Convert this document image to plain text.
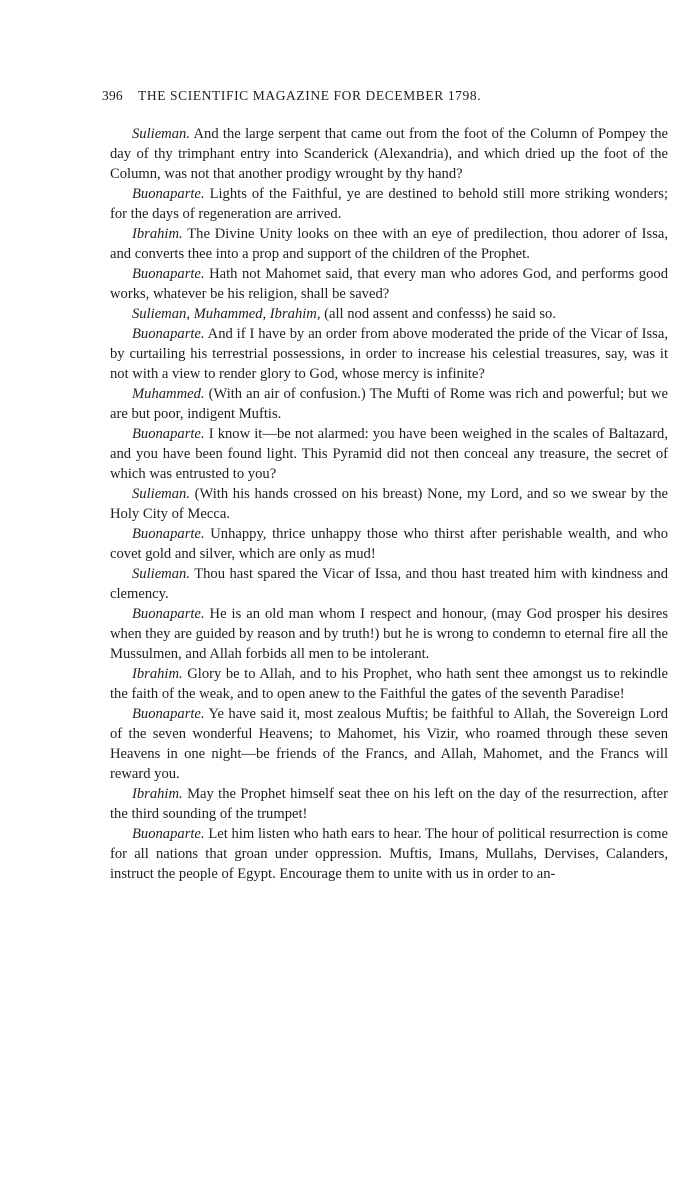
396	THE SCIENTIFIC MAGAZINE FOR DECEMBER 1798.

Sulieman. And the large serpent that came out from the foot of the Column of Pompey the day of thy trimphant entry into Scanderick (Alexandria), and which dried up the foot of the Column, was not that another prodigy wrought by thy hand?

Buonaparte. Lights of the Faithful, ye are destined to behold still more striking wonders; for the days of regeneration are arrived.

Ibrahim. The Divine Unity looks on thee with an eye of predilection, thou adorer of Issa, and converts thee into a prop and support of the children of the Prophet.

Buonaparte. Hath not Mahomet said, that every man who adores God, and performs good works, whatever be his religion, shall be saved?

Sulieman, Muhammed, Ibrahim, (all nod assent and confesss) he said so.

Buonaparte. And if I have by an order from above moderated the pride of the Vicar of Issa, by curtailing his terrestrial possessions, in order to increase his celestial treasures, say, was it not with a view to render glory to God, whose mercy is infinite?

Muhammed. (With an air of confusion.) The Mufti of Rome was rich and powerful; but we are but poor, indigent Muftis.

Buonaparte. I know it—be not alarmed: you have been weighed in the scales of Baltazard, and you have been found light. This Pyramid did not then conceal any treasure, the secret of which was entrusted to you?

Sulieman. (With his hands crossed on his breast) None, my Lord, and so we swear by the Holy City of Mecca.

Buonaparte. Unhappy, thrice unhappy those who thirst after perishable wealth, and who covet gold and silver, which are only as mud!

Sulieman. Thou hast spared the Vicar of Issa, and thou hast treated him with kindness and clemency.

Buonaparte. He is an old man whom I respect and honour, (may God prosper his desires when they are guided by reason and by truth!) but he is wrong to condemn to eternal fire all the Mussulmen, and Allah forbids all men to be intolerant.

Ibrahim. Glory be to Allah, and to his Prophet, who hath sent thee amongst us to rekindle the faith of the weak, and to open anew to the Faithful the gates of the seventh Paradise!

Buonaparte. Ye have said it, most zealous Muftis; be faithful to Allah, the Sovereign Lord of the seven wonderful Heavens; to Mahomet, his Vizir, who roamed through these seven Heavens in one night—be friends of the Francs, and Allah, Mahomet, and the Francs will reward you.

Ibrahim. May the Prophet himself seat thee on his left on the day of the resurrection, after the third sounding of the trumpet!

Buonaparte. Let him listen who hath ears to hear. The hour of political resurrection is come for all nations that groan under oppression. Muftis, Imans, Mullahs, Dervises, Calanders, instruct the people of Egypt. Encourage them to unite with us in order to an-
